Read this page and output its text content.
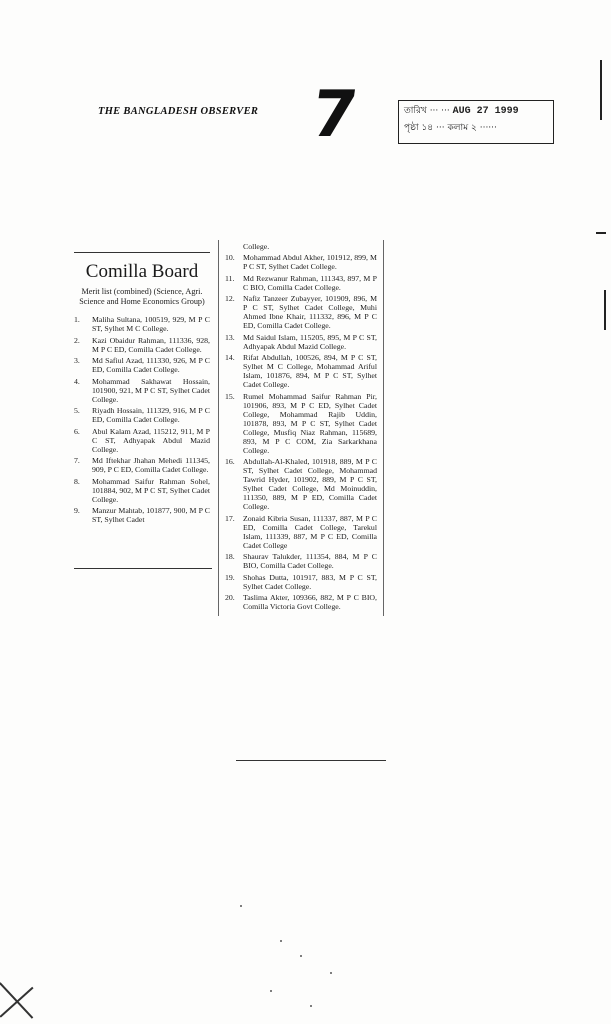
THE BANGLADESH OBSERVER 7	তারিখ ··· ··· AUG 27 1999
পৃষ্ঠা ১৪ ··· কলাম ২ ······
Comilla Board
Merit list (combined) (Science, Agri. Science and Home Economics Group)
1.	Maliha Sultana, 100519, 929, M P C ST, Sylhet M C College.
2.	Kazi Obaidur Rahman, 111336, 928, M P C ED, Comilla Cadet College.
3.	Md Safiul Azad, 111330, 926, M P C ED, Comilla Cadet College.
4.	Mohammad Sakhawat Hossain, 101900, 921, M P C ST, Sylhet Cadet College.
5.	Riyadh Hossain, 111329, 916, M P C ED, Comilla Cadet College.
6.	Abul Kalam Azad, 115212, 911, M P C ST, Adhyapak Abdul Mazid College.
7.	Md Iftekhar Jhahan Mehedi 111345, 909, P C ED, Comilla Cadet College.
8.	Mohammad Saifur Rahman Sohel, 101884, 902, M P C ST, Sylhet Cadet College.
9.	Manzur Mahtab, 101877, 900, M P C ST, Sylhet Cadet
College.
10.	Mohammad Abdul Akher, 101912, 899, M P C ST, Sylhet Cadet College.
11.	Md Rezwanur Rahman, 111343, 897, M P C BIO, Comilla Cadet College.
12.	Nafiz Tanzeer Zubayyer, 101909, 896, M P C ST, Sylhet Cadet College, Muhi Ahmed Ibne Khair, 111332, 896, M P C ED, Comilla Cadet College.
13.	Md Saidul Islam, 115205, 895, M P C ST, Adhyapak Abdul Mazid College.
14.	Rifat Abdullah, 100526, 894, M P C ST, Sylhet M C College, Mohammad Ariful Islam, 101876, 894, M P C ST, Sylhet Cadet College.
15.	Rumel Mohammad Saifur Rahman Pir, 101906, 893, M P C ED, Sylhet Cadet College, Mohammad Rajib Uddin, 101878, 893, M P C ST, Sylhet Cadet College, Musfiq Niaz Rahman, 115689, 893, M P C COM, Zia Sarkarkhana College.
16.	Abdullah-Al-Khaled, 101918, 889, M P C ST, Sylhet Cadet College, Mohammad Tawrid Hyder, 101902, 889, M P C ST, Sylhet Cadet College, Md Moinuddin, 111350, 889, M P ED, Comilla Cadet College.
17.	Zonaid Kibria Susan, 111337, 887, M P C ED, Comilla Cadet College, Tarekul Islam, 111339, 887, M P C ED, Comilla Cadet College
18.	Shaurav Talukder, 111354, 884, M P C BIO, Comilla Cadet College.
19.	Shohas Dutta, 101917, 883, M P C ST, Sylhet Cadet College.
20.	Taslima Akter, 109366, 882, M P C BIO, Comilla Victoria Govt College.
